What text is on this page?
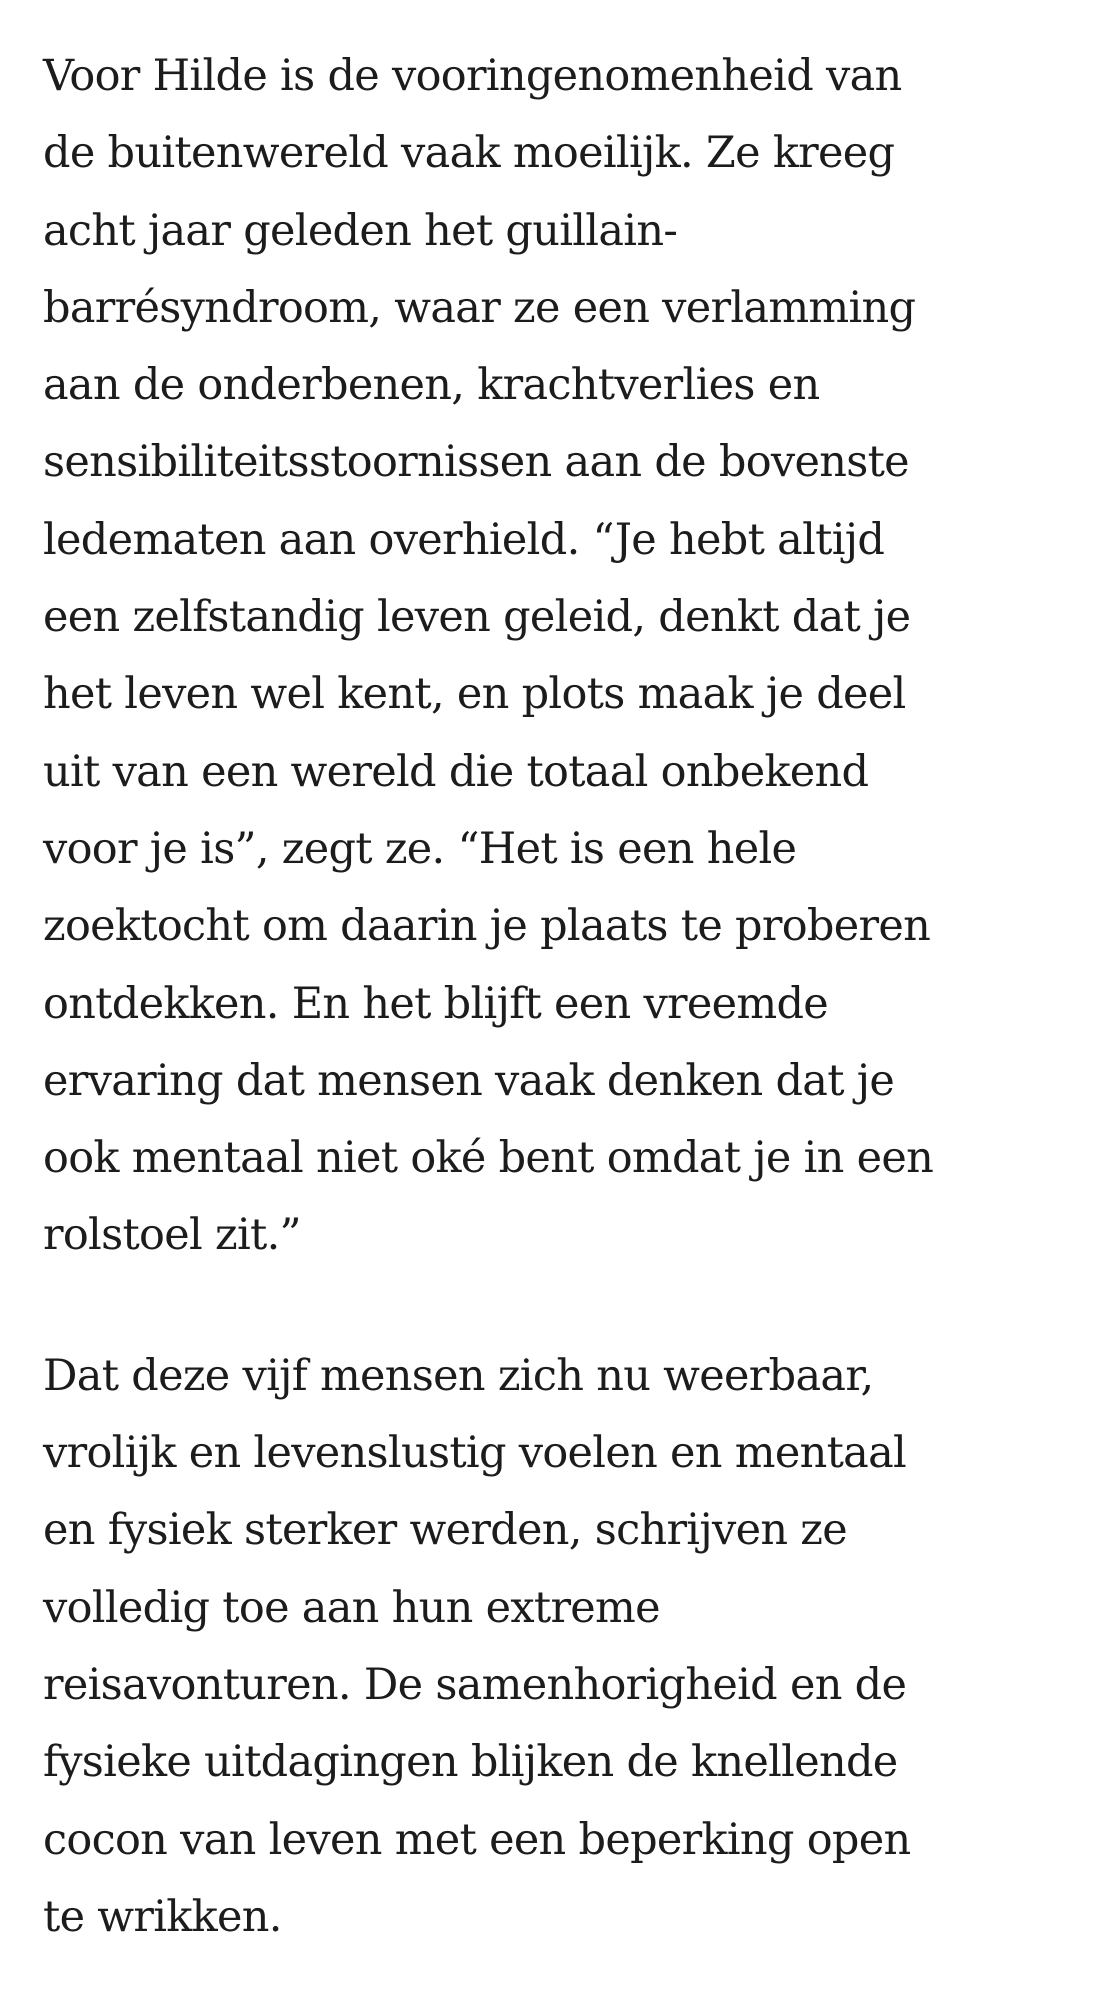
Voor Hilde is de vooringenomenheid van
de buitenwereld vaak moeilijk. Ze kreeg
acht jaar geleden het guillain-
barrésyndroom, waar ze een verlamming
aan de onderbenen, krachtverlies en
sensibiliteitsstoornissen aan de bovenste
ledematen aan overhield. “Je hebt altijd
een zelfstandig leven geleid, denkt dat je
het leven wel kent, en plots maak je deel
uit van een wereld die totaal onbekend
voor je is”, zegt ze. “Het is een hele
zoektocht om daarin je plaats te proberen
ontdekken. En het blijft een vreemde
ervaring dat mensen vaak denken dat je
ook mentaal niet oké bent omdat je in een
rolstoel zit.”

Dat deze vijf mensen zich nu weerbaar,
vrolijk en levenslustig voelen en mentaal
en fysiek sterker werden, schrijven ze
volledig toe aan hun extreme
reisavonturen. De samenhorigheid en de
fysieke uitdagingen blijken de knellende
cocon van leven met een beperking open
te wrikken.
